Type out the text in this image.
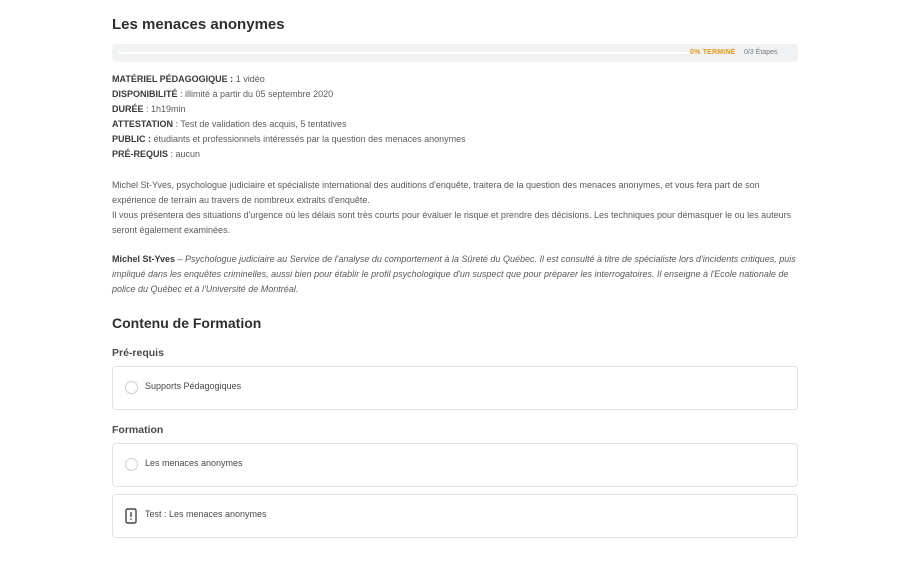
Les menaces anonymes
0% TERMINÉ 0/3 Étapes
MATÉRIEL PÉDAGOGIQUE : 1 vidéo
DISPONIBILITÉ : illimité à partir du 05 septembre 2020
DURÉE : 1h19min
ATTESTATION : Test de validation des acquis, 5 tentatives
PUBLIC : étudiants et professionnels intéressés par la question des menaces anonymes
PRÉ-REQUIS : aucun
Michel St-Yves, psychologue judiciaire et spécialiste international des auditions d'enquête, traitera de la question des menaces anonymes, et vous fera part de son expérience de terrain au travers de nombreux extraits d'enquête.
Il vous présentera des situations d'urgence où les délais sont très courts pour évaluer le risque et prendre des décisions. Les techniques pour démasquer le ou les auteurs seront également examinées.
Michel St-Yves – Psychologue judiciaire au Service de l'analyse du comportement à la Sûreté du Québec. Il est consulté à titre de spécialiste lors d'incidents critiques, puis impliqué dans les enquêtes criminelles, aussi bien pour établir le profil psychologique d'un suspect que pour préparer les interrogatoires. Il enseigne à l'Ecole nationale de police du Québec et à l'Université de Montréal.
Contenu de Formation
Pré-requis
Supports Pédagogiques
Formation
Les menaces anonymes
Test : Les menaces anonymes
